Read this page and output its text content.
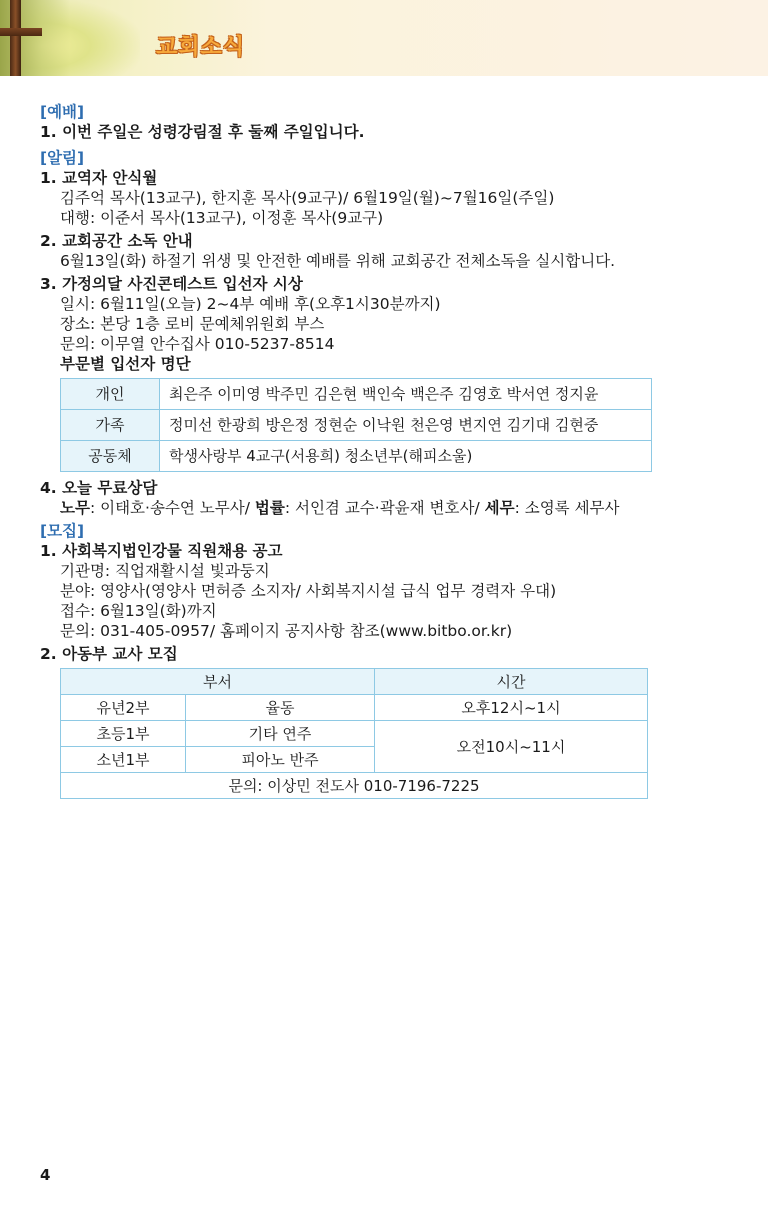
교회소식
[예배]
1. 이번 주일은 성령강림절 후 둘째 주일입니다.
[알림]
1. 교역자 안식월
김주억 목사(13교구), 한지훈 목사(9교구)/ 6월19일(월)~7월16일(주일)
대행: 이준서 목사(13교구), 이정훈 목사(9교구)
2. 교회공간 소독 안내
6월13일(화) 하절기 위생 및 안전한 예배를 위해 교회공간 전체소독을 실시합니다.
3. 가정의달 사진콘테스트 입선자 시상
일시: 6월11일(오늘) 2~4부 예배 후(오후1시30분까지)
장소: 본당 1층 로비 문예체위원회 부스
문의: 이무열 안수집사 010-5237-8514
부문별 입선자 명단
개인	최은주 이미영 박주민 김은현 백인숙 백은주 김영호 박서연 정지윤
가족	정미선 한광희 방은정 정현순 이낙원 천은영 변지연 김기대 김현중
공동체	학생사랑부 4교구(서용희) 청소년부(해피소울)
4. 오늘 무료상담
노무: 이태호·송수연 노무사/ 법률: 서인겸 교수·곽윤재 변호사/ 세무: 소영록 세무사
[모집]
1. 사회복지법인강물 직원채용 공고
기관명: 직업재활시설 빛과둥지
분야: 영양사(영양사 면허증 소지자/ 사회복지시설 급식 업무 경력자 우대)
접수: 6월13일(화)까지
문의: 031-405-0957/ 홈페이지 공지사항 참조(www.bitbo.or.kr)
2. 아동부 교사 모집
부서		시간
유년2부	율동	오후12시~1시
초등1부	기타 연주	오전10시~11시
소년1부	피아노 반주	
문의: 이상민 전도사 010-7196-7225		
4
